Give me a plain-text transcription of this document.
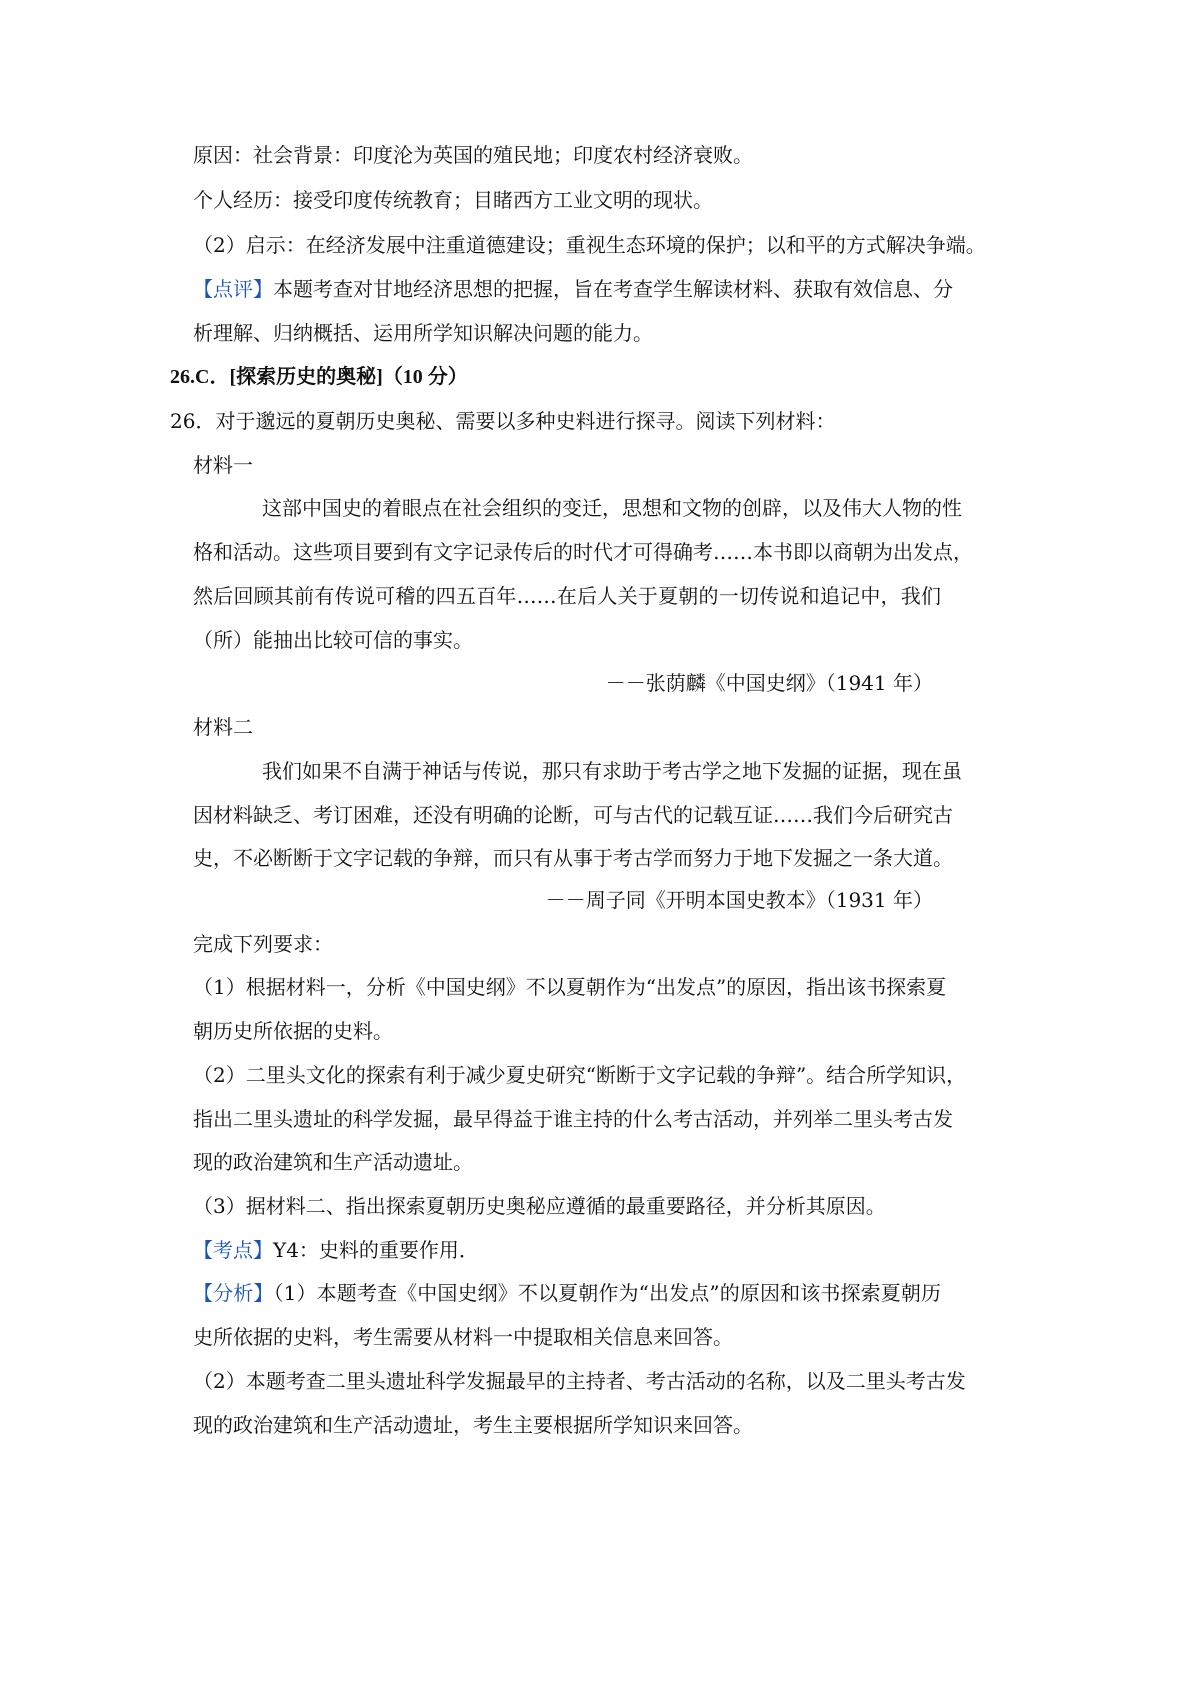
原因：社会背景：印度沦为英国的殖民地；印度农村经济衰败。
个人经历：接受印度传统教育；目睹西方工业文明的现状。
（2）启示：在经济发展中注重道德建设；重视生态环境的保护；以和平的方式解决争端。
【点评】本题考查对甘地经济思想的把握，旨在考查学生解读材料、获取有效信息、分
析理解、归纳概括、运用所学知识解决问题的能力。
26.C．[探索历史的奥秘]（10 分）
26．对于邈远的夏朝历史奥秘、需要以多种史料进行探寻。阅读下列材料：
材料一
这部中国史的着眼点在社会组织的变迁，思想和文物的创辟，以及伟大人物的性
格和活动。这些项目要到有文字记录传后的时代才可得确考……本书即以商朝为出发点，
然后回顾其前有传说可稽的四五百年……在后人关于夏朝的一切传说和追记中，我们
（所）能抽出比较可信的事实。
－－张荫麟《中国史纲》（1941 年）
材料二
我们如果不自满于神话与传说，那只有求助于考古学之地下发掘的证据，现在虽
因材料缺乏、考订困难，还没有明确的论断，可与古代的记载互证……我们今后研究古
史，不必断断于文字记载的争辩，而只有从事于考古学而努力于地下发掘之一条大道。
－－周子同《开明本国史教本》（1931 年）
完成下列要求：
（1）根据材料一，分析《中国史纲》不以夏朝作为“出发点”的原因，指出该书探索夏
朝历史所依据的史料。
（2）二里头文化的探索有利于减少夏史研究“断断于文字记载的争辩”。结合所学知识，
指出二里头遗址的科学发掘，最早得益于谁主持的什么考古活动，并列举二里头考古发
现的政治建筑和生产活动遗址。
（3）据材料二、指出探索夏朝历史奥秘应遵循的最重要路径，并分析其原因。
【考点】Y4：史料的重要作用．
【分析】（1）本题考查《中国史纲》不以夏朝作为“出发点”的原因和该书探索夏朝历
史所依据的史料，考生需要从材料一中提取相关信息来回答。
（2）本题考查二里头遗址科学发掘最早的主持者、考古活动的名称，以及二里头考古发
现的政治建筑和生产活动遗址，考生主要根据所学知识来回答。
